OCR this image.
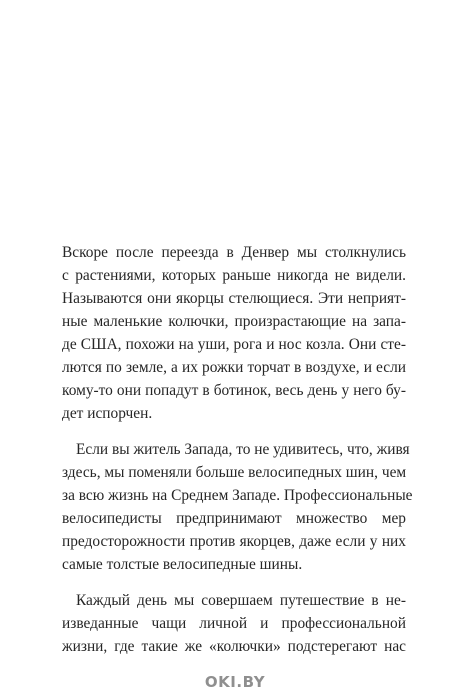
Вскоре после переезда в Денвер мы столкнулись
с растениями, которых раньше никогда не видели.
Называются они якорцы стелющиеся. Эти неприят-
ные маленькие колючки, произрастающие на запа-
де США, похожи на уши, рога и нос козла. Они сте-
лются по земле, а их рожки торчат в воздухе, и если
кому-то они попадут в ботинок, весь день у него бу-
дет испорчен.

Если вы житель Запада, то не удивитесь, что, живя
здесь, мы поменяли больше велосипедных шин, чем
за всю жизнь на Среднем Западе. Профессиональные
велосипедисты предпринимают множество мер
предосторожности против якорцев, даже если у них
самые толстые велосипедные шины.

Каждый день мы совершаем путешествие в не-
изведанные чащи личной и профессиональной
жизни, где такие же «колючки» подстерегают нас

OKI.BY
